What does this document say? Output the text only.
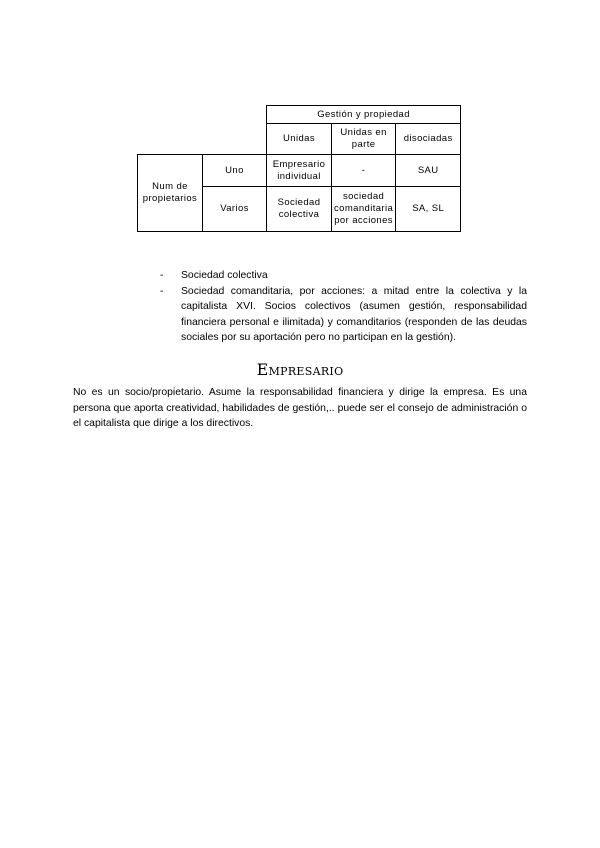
		Gestión y propiedad		
		Unidas	Unidas en parte	disociadas
Num de propietarios	Uno	Empresario individual	-	SAU
	Varios	Sociedad colectiva	sociedad comanditaria por acciones	SA, SL
- Sociedad colectiva
- Sociedad comanditaria, por acciones: a mitad entre la colectiva y la capitalista XVI. Socios colectivos (asumen gestión, responsabilidad financiera personal e ilimitada) y comanditarios (responden de las deudas sociales por su aportación pero no participan en la gestión).
Empresario

No es un socio/propietario. Asume la responsabilidad financiera y dirige la empresa. Es una persona que aporta creatividad, habilidades de gestión,.. puede ser el consejo de administración o el capitalista que dirige a los directivos.
